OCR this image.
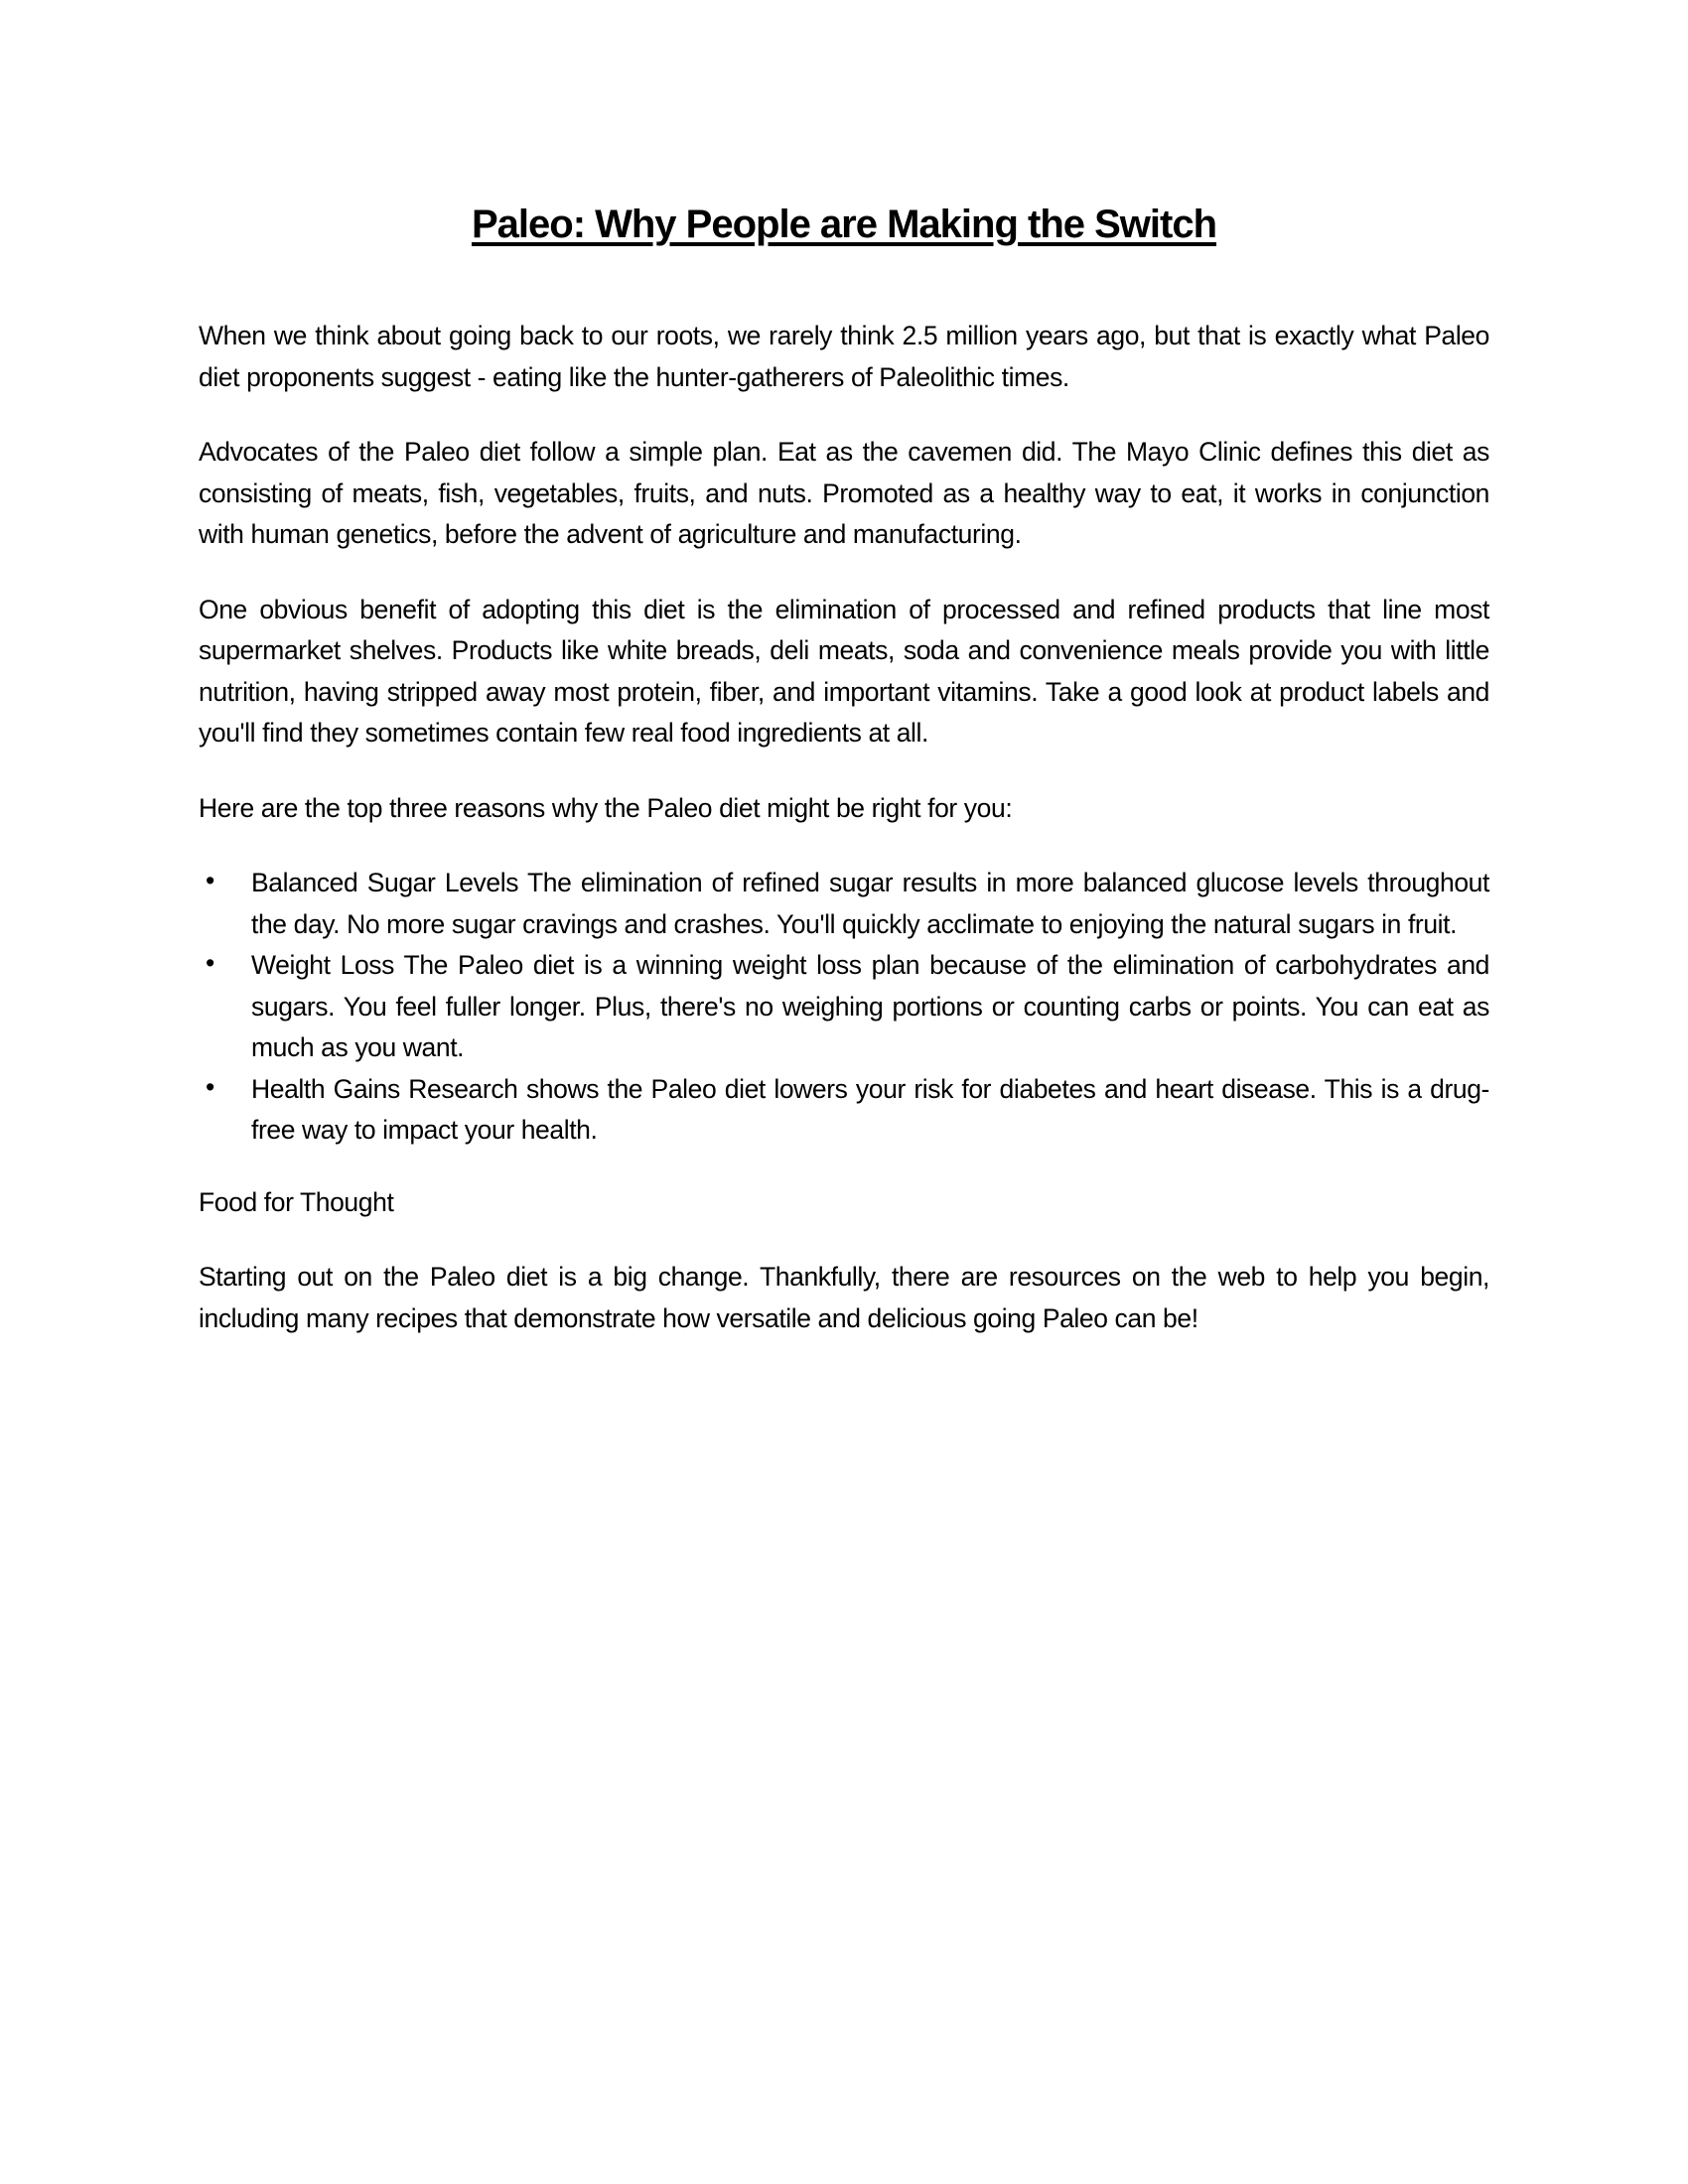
Paleo: Why People are Making the Switch

When we think about going back to our roots, we rarely think 2.5 million years ago, but that is exactly what Paleo diet proponents suggest - eating like the hunter-gatherers of Paleolithic times.

Advocates of the Paleo diet follow a simple plan. Eat as the cavemen did. The Mayo Clinic defines this diet as consisting of meats, fish, vegetables, fruits, and nuts. Promoted as a healthy way to eat, it works in conjunction with human genetics, before the advent of agriculture and manufacturing.

One obvious benefit of adopting this diet is the elimination of processed and refined products that line most supermarket shelves. Products like white breads, deli meats, soda and convenience meals provide you with little nutrition, having stripped away most protein, fiber, and important vitamins. Take a good look at product labels and you'll find they sometimes contain few real food ingredients at all.

Here are the top three reasons why the Paleo diet might be right for you:

• Balanced Sugar Levels The elimination of refined sugar results in more balanced glucose levels throughout the day. No more sugar cravings and crashes. You'll quickly acclimate to enjoying the natural sugars in fruit.
• Weight Loss The Paleo diet is a winning weight loss plan because of the elimination of carbohydrates and sugars. You feel fuller longer. Plus, there's no weighing portions or counting carbs or points. You can eat as much as you want.
• Health Gains Research shows the Paleo diet lowers your risk for diabetes and heart disease. This is a drug-free way to impact your health.

Food for Thought

Starting out on the Paleo diet is a big change. Thankfully, there are resources on the web to help you begin, including many recipes that demonstrate how versatile and delicious going Paleo can be!
